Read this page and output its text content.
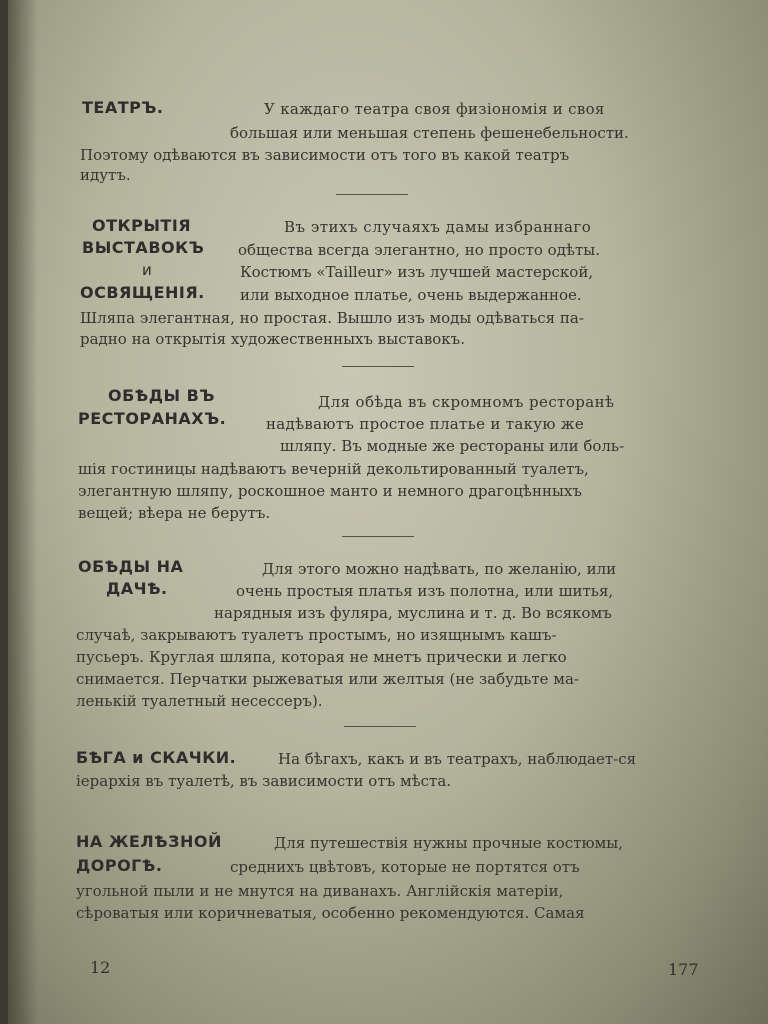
ТЕАТРЪ.	У каждаго театра своя физіономія и своя
большая или меньшая степень фешенебельности.
Поэтому одѣваются въ зависимости отъ того въ какой театръ
идутъ.
ОТКРЫТІЯ
ВЫСТАВОКЪ
и
ОСВЯЩЕНІЯ.
Въ этихъ случаяхъ дамы избраннаго
общества всегда элегантно, но просто одѣты.
Костюмъ «Tailleur» изъ лучшей мастерской,
или выходное платье, очень выдержанное.
Шляпа элегантная, но простая. Вышло изъ моды одѣваться па-
радно на открытія художественныхъ выставокъ.
ОБѢДЫ ВЪ
РЕСТОРАНАХЪ.
Для обѣда въ скромномъ ресторанѣ
надѣваютъ простое платье и такую же
шляпу. Въ модные же рестораны или боль-
шія гостиницы надѣваютъ вечерній декольтированный туалетъ,
элегантную шляпу, роскошное манто и немного драгоцѣнныхъ
вещей; вѣера не берутъ.
ОБѢДЫ НА
ДАЧѢ.
Для этого можно надѣвать, по желанію, или
очень простыя платья изъ полотна, или шитья,
нарядныя изъ фуляра, муслина и т. д. Во всякомъ
случаѣ, закрываютъ туалетъ простымъ, но изящнымъ кашъ-
пусьеръ. Круглая шляпа, которая не мнетъ прически и легко
снимается. Перчатки рыжеватыя или желтыя (не забудьте ма-
ленькій туалетный несессеръ).
БѢГА и СКАЧКИ.	На бѣгахъ, какъ и въ театрахъ, наблюдает-ся
іерархія въ туалетѣ, въ зависимости отъ мѣста.
НА ЖЕЛѢЗНОЙ
ДОРОГѢ.
Для путешествія нужны прочные костюмы,
среднихъ цвѣтовъ, которые не портятся отъ
угольной пыли и не мнутся на диванахъ. Англійскія матеріи,
сѣроватыя или коричневатыя, особенно рекомендуются. Самая
12	177
